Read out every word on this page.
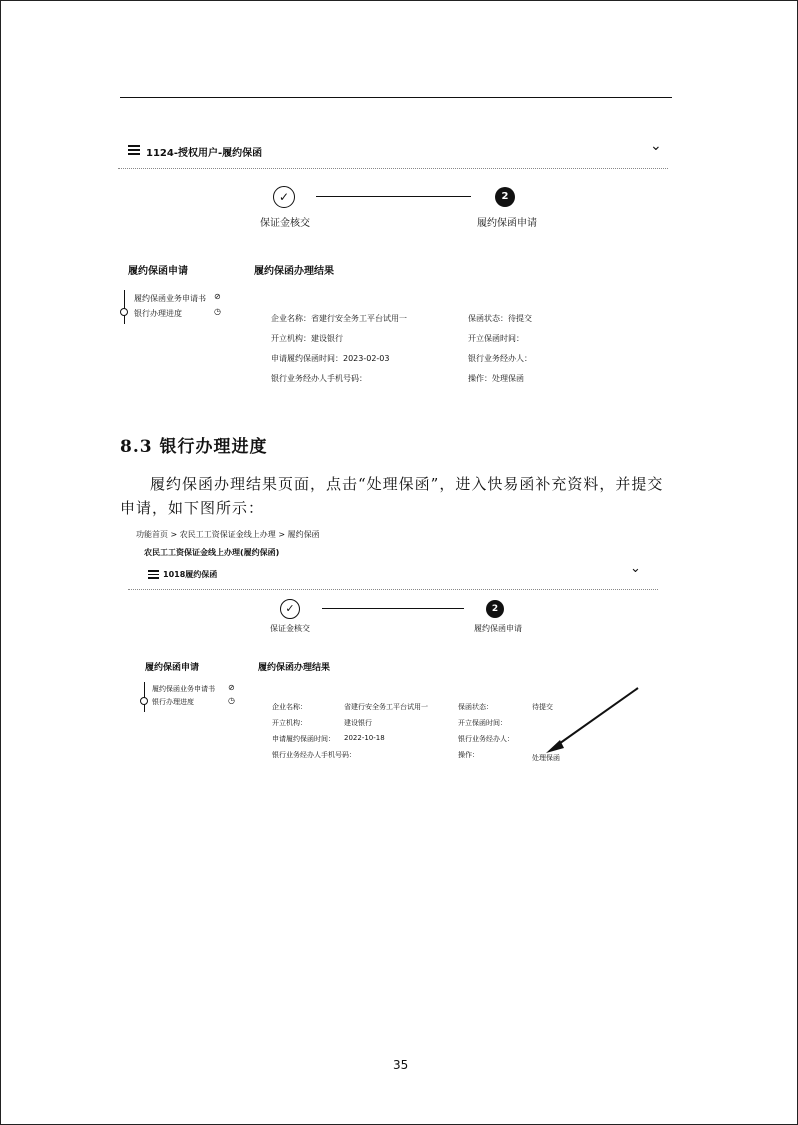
1124-授权用户-履约保函	⌄
✓	2
保证金核交	履约保函申请
履约保函申请	履约保函办理结果
履约保函业务申请书 ⊘
银行办理进度	◷
企业名称：省建行安全务工平台试用一	保函状态：待提交
开立机构：建设银行	开立保函时间：
申请履约保函时间：2023-02-03	银行业务经办人：
银行业务经办人手机号码：	操作：处理保函
8.3 银行办理进度
履约保函办理结果页面，点击“处理保函”，进入快易函补充资料，并提交
申请，如下图所示：
功能首页 > 农民工工资保证金线上办理 > 履约保函
农民工工资保证金线上办理(履约保函)
1018履约保函	⌄
✓	2
保证金核交	履约保函申请
履约保函申请	履约保函办理结果
履约保函业务申请书 ⊘
银行办理进度	◷
企业名称：	省建行安全务工平台试用一	保函状态：	待提交
开立机构：	建设银行	开立保函时间：
申请履约保函时间： 2022-10-18	银行业务经办人：
银行业务经办人手机号码：	操作：	处理保函
35
